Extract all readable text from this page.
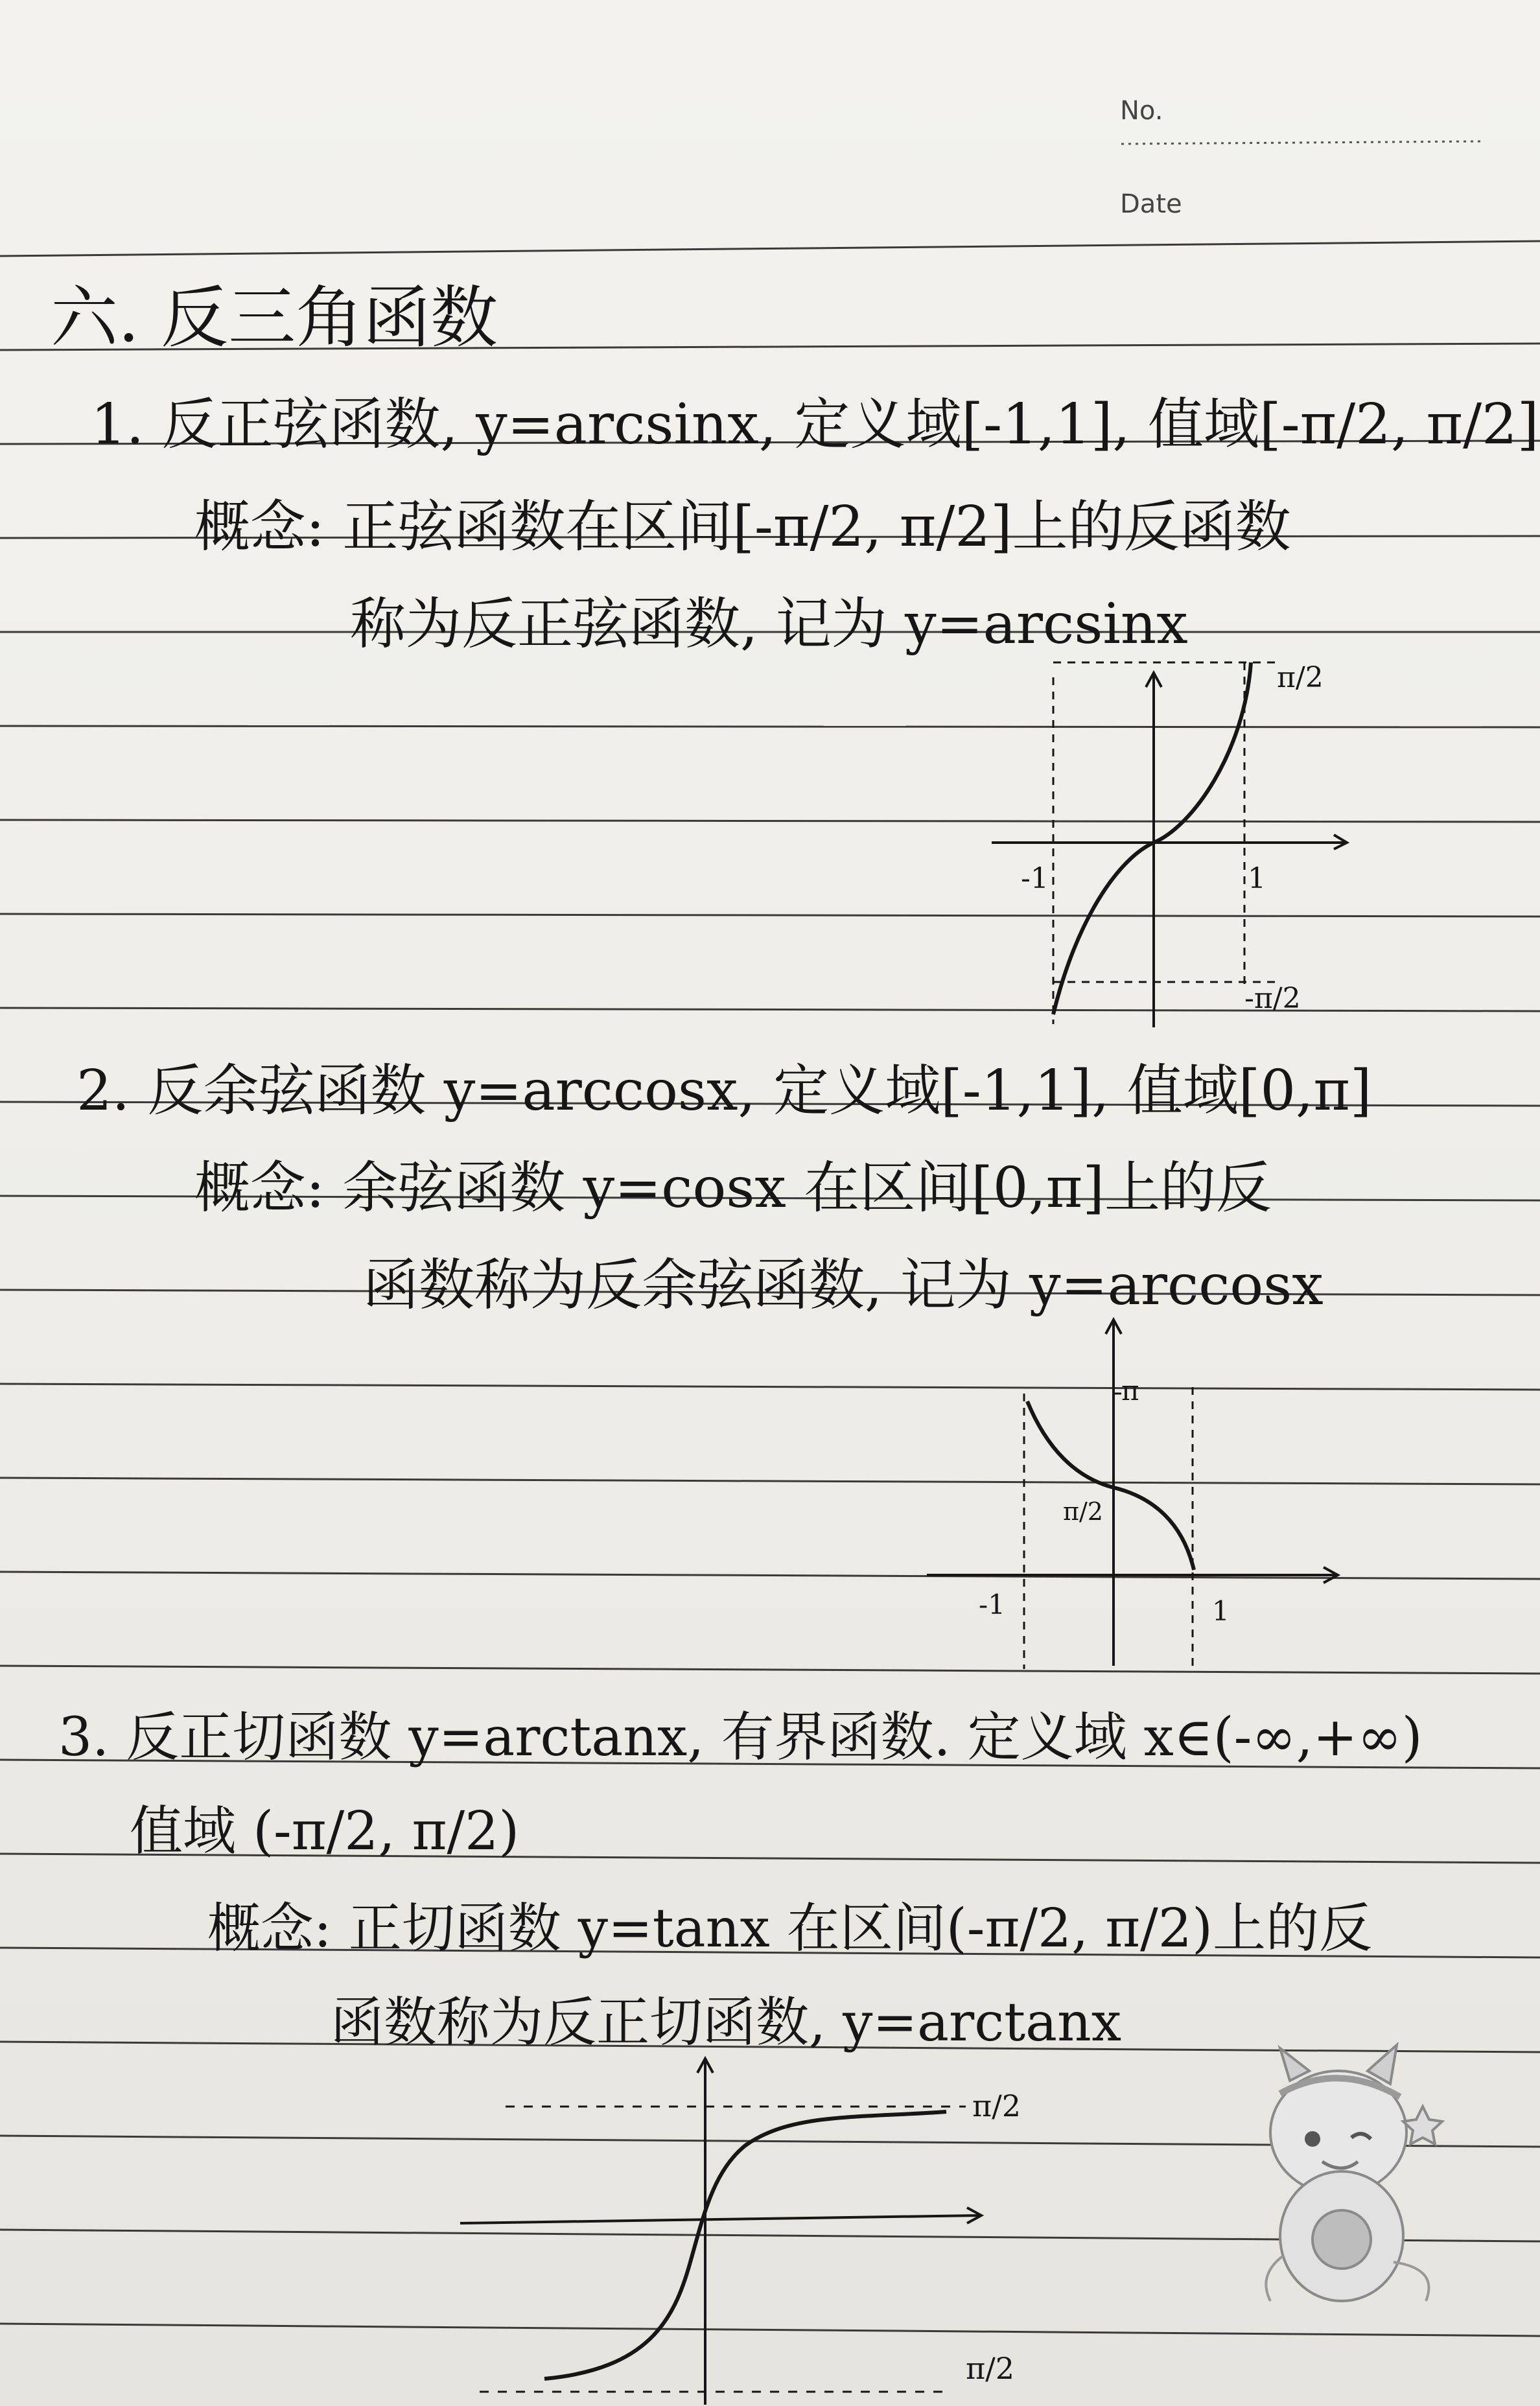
No.
Date
六. 反三角函数
1. 反正弦函数, y=arcsinx, 定义域[-1,1], 值域[-π/2, π/2]
概念: 正弦函数在区间[-π/2, π/2]上的反函数
称为反正弦函数, 记为 y=arcsinx
π/2
-π/2
-1	1
2. 反余弦函数 y=arccosx, 定义域[-1,1], 值域[0,π]
概念: 余弦函数 y=cosx 在区间[0,π]上的反
函数称为反余弦函数, 记为 y=arccosx
π
π/2
-1	1
3. 反正切函数 y=arctanx, 有界函数. 定义域 x∈(-∞,+∞)
值域 (-π/2, π/2)
概念: 正切函数 y=tanx 在区间(-π/2, π/2)上的反
函数称为反正切函数, y=arctanx
π/2
π/2
